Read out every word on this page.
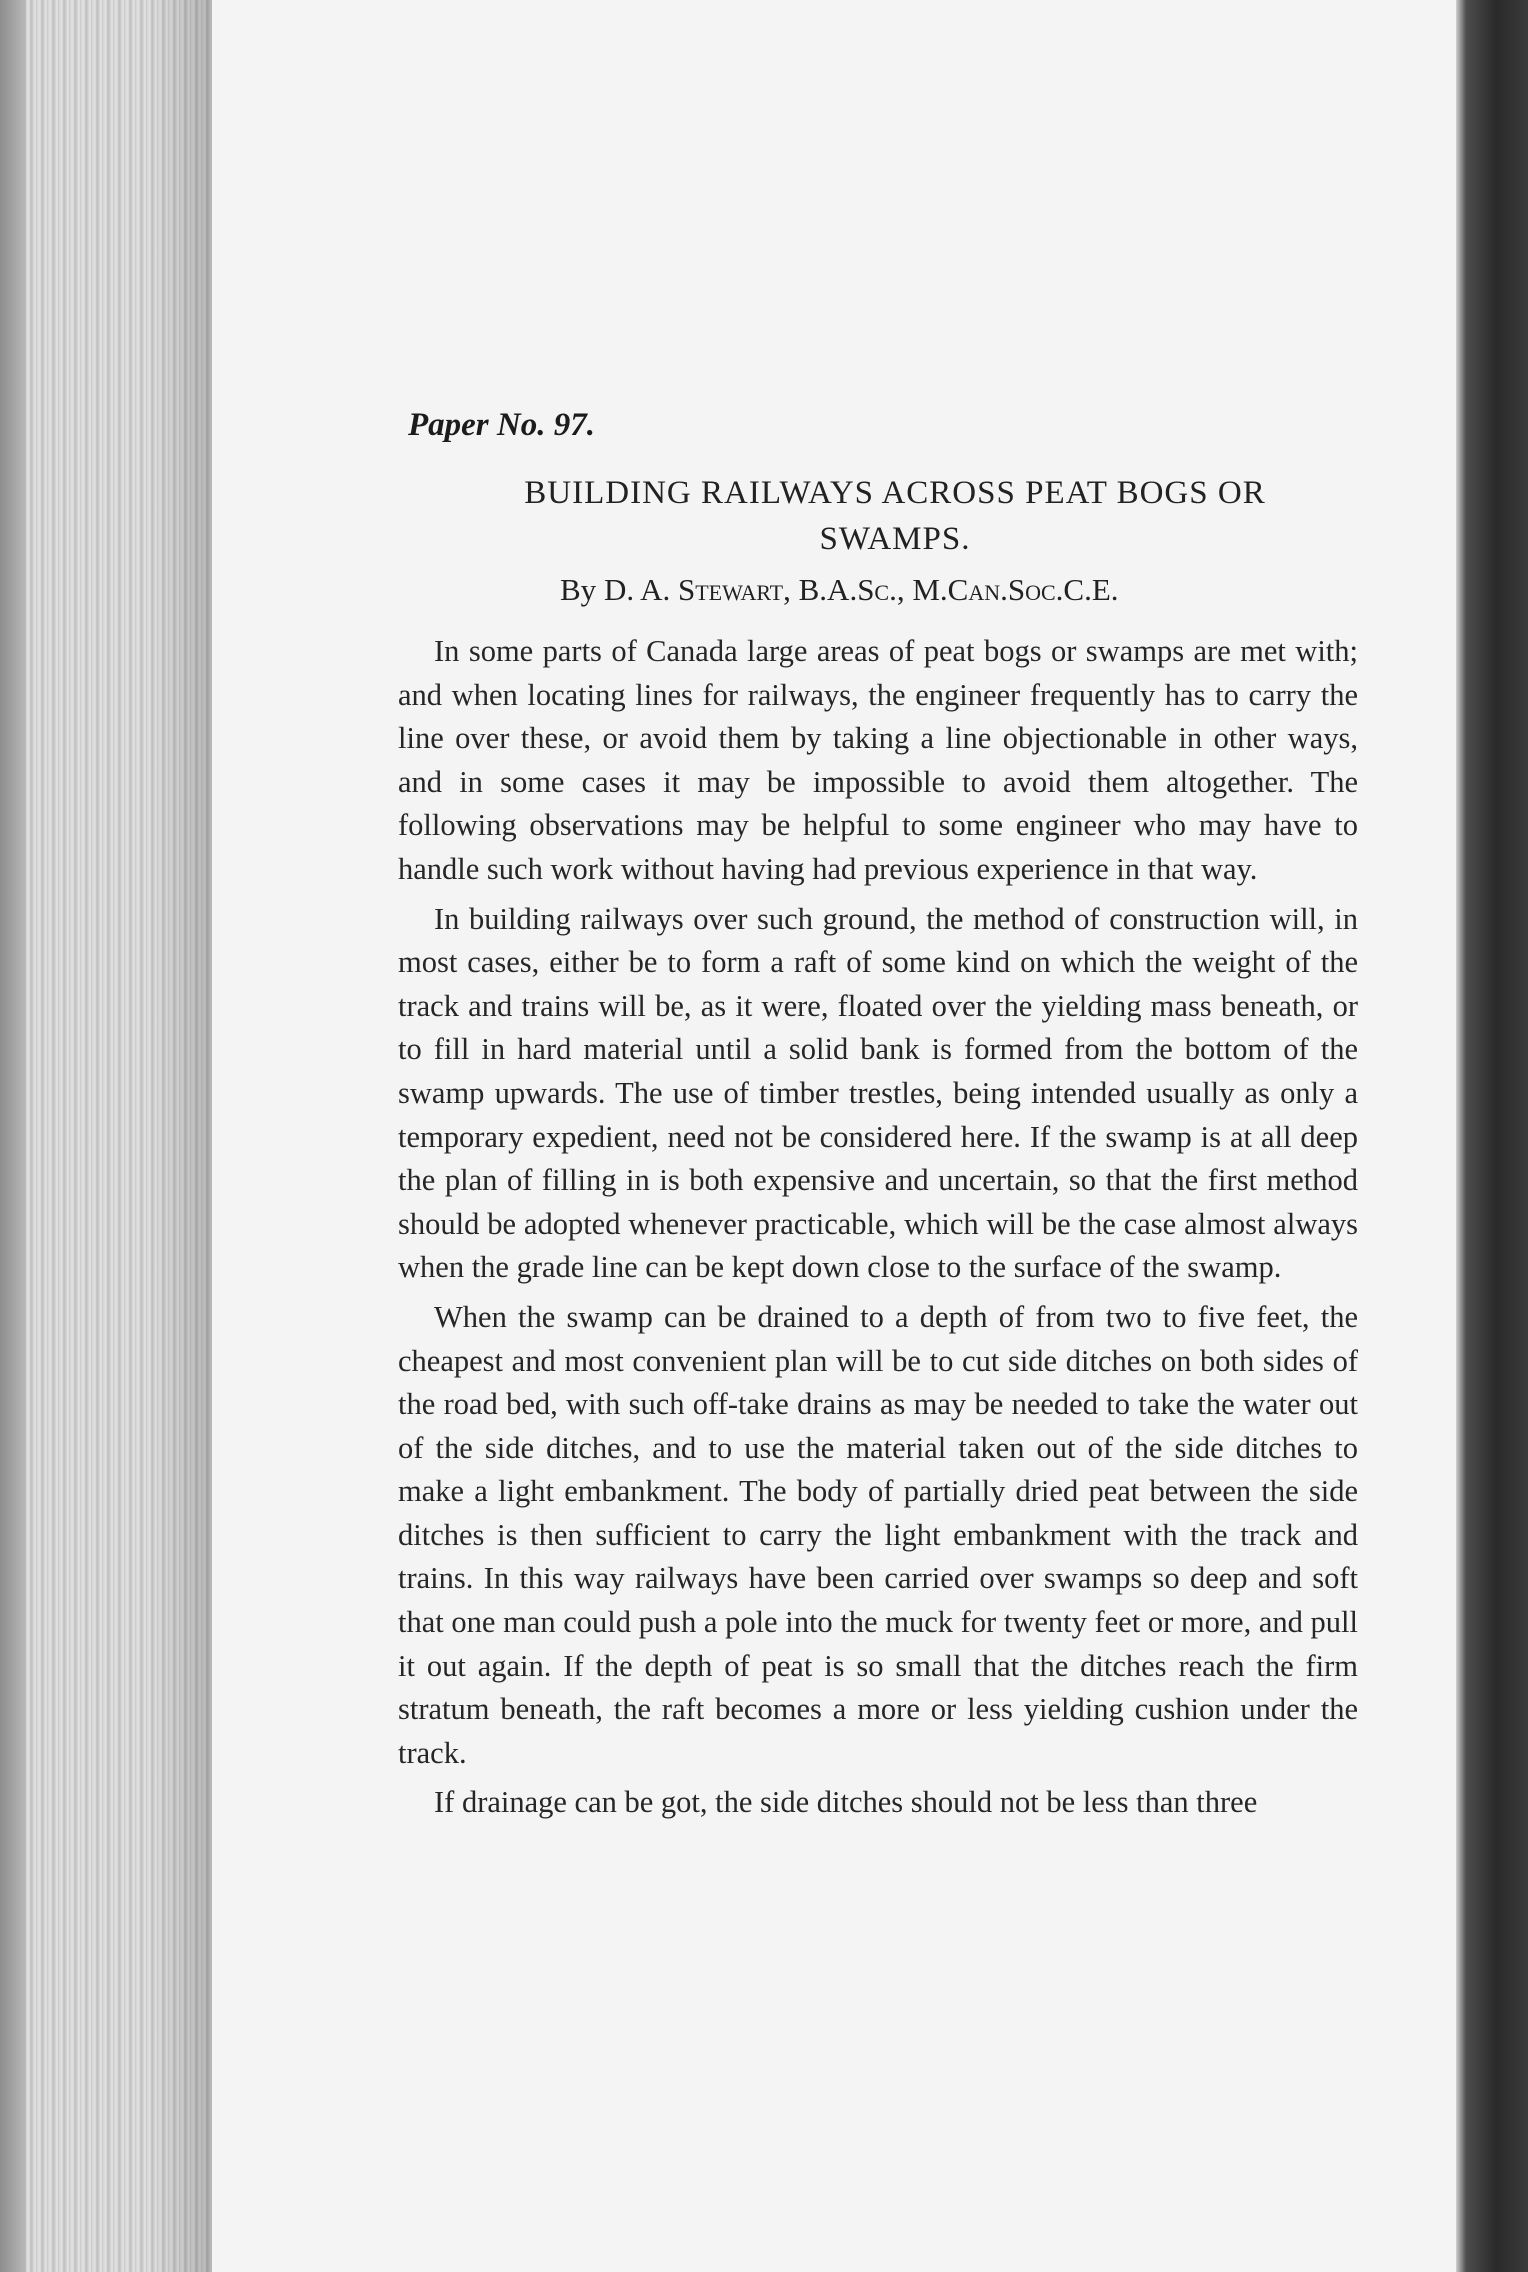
Paper No. 97.
BUILDING RAILWAYS ACROSS PEAT BOGS OR
SWAMPS.
By D. A. Stewart, B.A.Sc., M.Can.Soc.C.E.

In some parts of Canada large areas of peat bogs or swamps are met with; and when locating lines for railways, the engineer frequently has to carry the line over these, or avoid them by taking a line objectionable in other ways, and in some cases it may be impossible to avoid them altogether. The following observations may be helpful to some engineer who may have to handle such work without having had previous experience in that way.

In building railways over such ground, the method of construction will, in most cases, either be to form a raft of some kind on which the weight of the track and trains will be, as it were, floated over the yielding mass beneath, or to fill in hard material until a solid bank is formed from the bottom of the swamp upwards. The use of timber trestles, being intended usually as only a temporary expedient, need not be considered here. If the swamp is at all deep the plan of filling in is both expensive and uncertain, so that the first method should be adopted whenever practicable, which will be the case almost always when the grade line can be kept down close to the surface of the swamp.

When the swamp can be drained to a depth of from two to five feet, the cheapest and most convenient plan will be to cut side ditches on both sides of the road bed, with such off-take drains as may be needed to take the water out of the side ditches, and to use the material taken out of the side ditches to make a light embankment. The body of partially dried peat between the side ditches is then sufficient to carry the light embankment with the track and trains. In this way railways have been carried over swamps so deep and soft that one man could push a pole into the muck for twenty feet or more, and pull it out again. If the depth of peat is so small that the ditches reach the firm stratum beneath, the raft becomes a more or less yielding cushion under the track.

If drainage can be got, the side ditches should not be less than three
